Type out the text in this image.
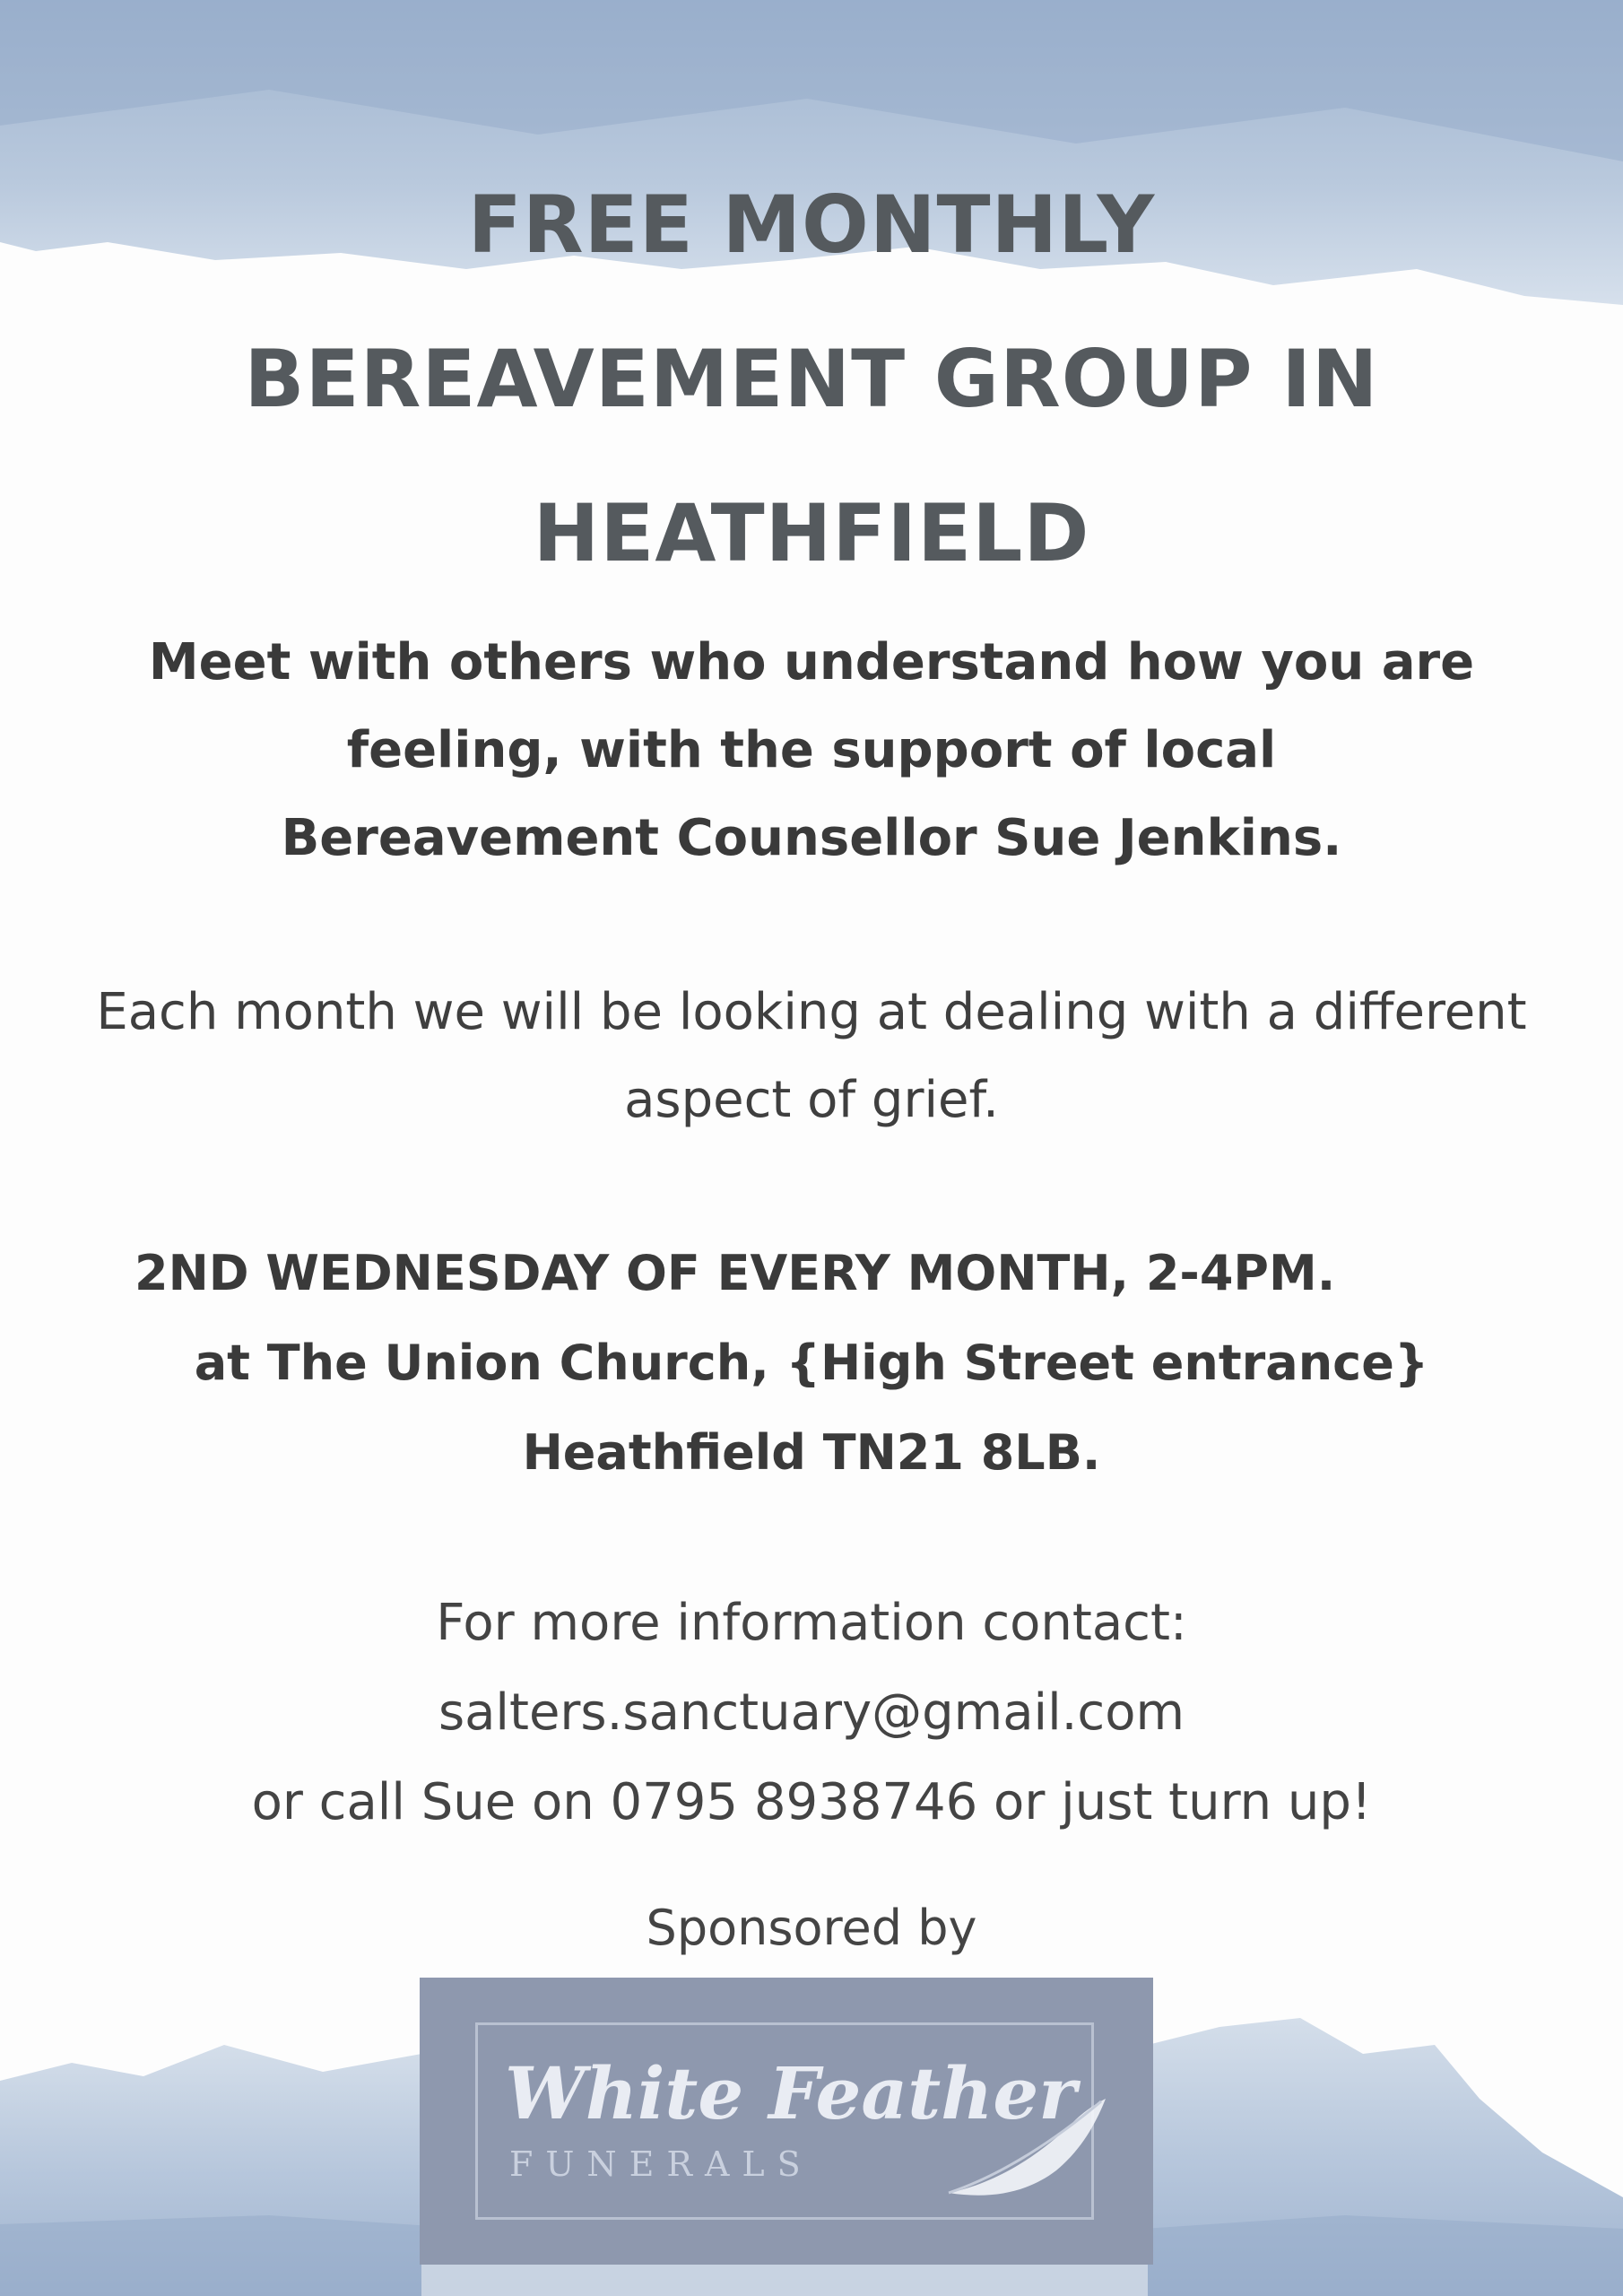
FREE MONTHLY
BEREAVEMENT GROUP IN
HEATHFIELD
Meet with others who understand how you are
feeling, with the support of local
Bereavement Counsellor Sue Jenkins.
Each month we will be looking at dealing with a different
aspect of grief.
2ND WEDNESDAY OF EVERY MONTH, 2-4PM.
at The Union Church, {High Street entrance}
Heathfield TN21 8LB.
For more information contact:
salters.sanctuary@gmail.com
or call Sue on 0795 8938746 or just turn up!
Sponsored by
White Feather
FUNERALS
